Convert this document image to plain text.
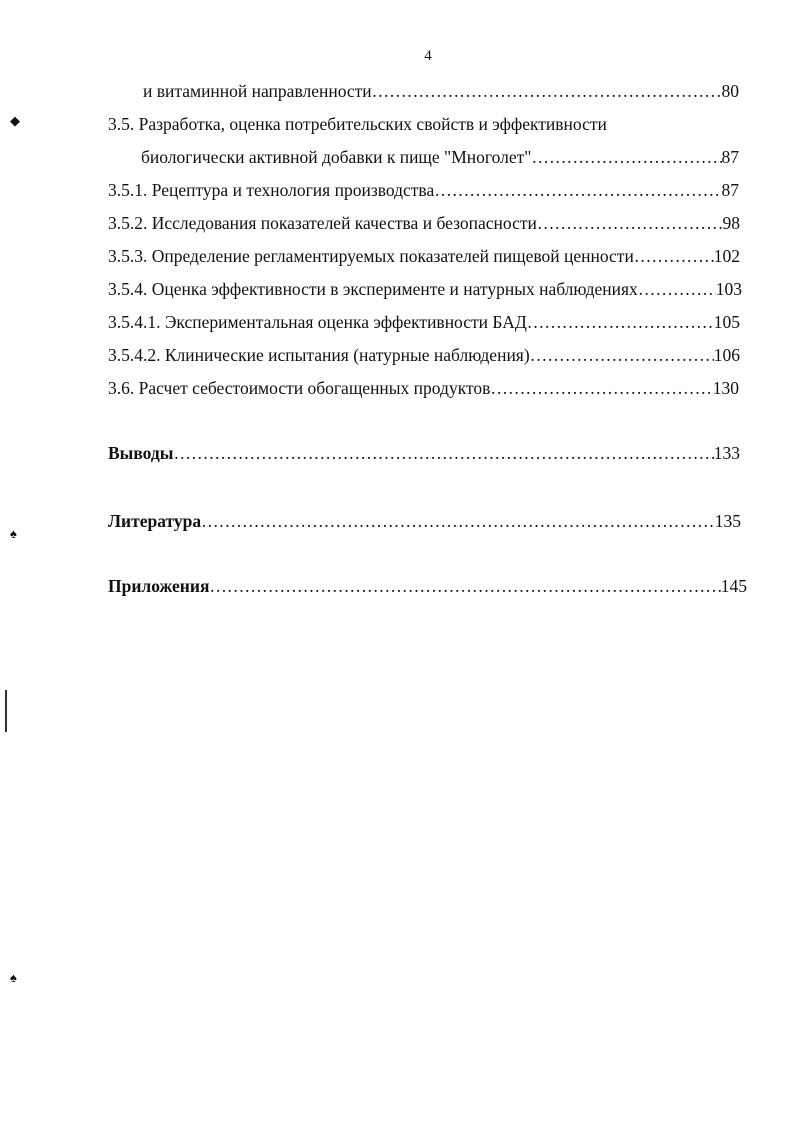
4
и витаминной направленности ………………………………………………………………………………………………………………………………………………………………………………………………………………………………	80
3.5. Разработка, оценка потребительских свойств и эффективности
биологически активной добавки к пище "Многолет" ………………………………………………………………………………………………………………………………………………………………………………………………………………………………	87
3.5.1. Рецептура и технология производства ………………………………………………………………………………………………………………………………………………………………………………………………………………………………	87
3.5.2. Исследования показателей качества и безопасности ………………………………………………………………………………………………………………………………………………………………………………………………………………………………	98
3.5.3. Определение регламентируемых показателей пищевой ценности ………………………………………………………………………………………………………………………………………………………………………………………………………………………………	102
3.5.4. Оценка эффективности в эксперименте и натурных наблюдениях ………………………………………………………………………………………………………………………………………………………………………………………………………………………………	103
3.5.4.1. Экспериментальная оценка эффективности БАД ………………………………………………………………………………………………………………………………………………………………………………………………………………………………	105
3.5.4.2. Клинические испытания (натурные наблюдения) ………………………………………………………………………………………………………………………………………………………………………………………………………………………………	106
3.6. Расчет себестоимости обогащенных продуктов ………………………………………………………………………………………………………………………………………………………………………………………………………………………………	130
Выводы ………………………………………………………………………………………………………………………………………………………………………………………………………………………………	133
Литература ………………………………………………………………………………………………………………………………………………………………………………………………………………………………	135
Приложения ………………………………………………………………………………………………………………………………………………………………………………………………………………………………	145
◆
♠
♠
